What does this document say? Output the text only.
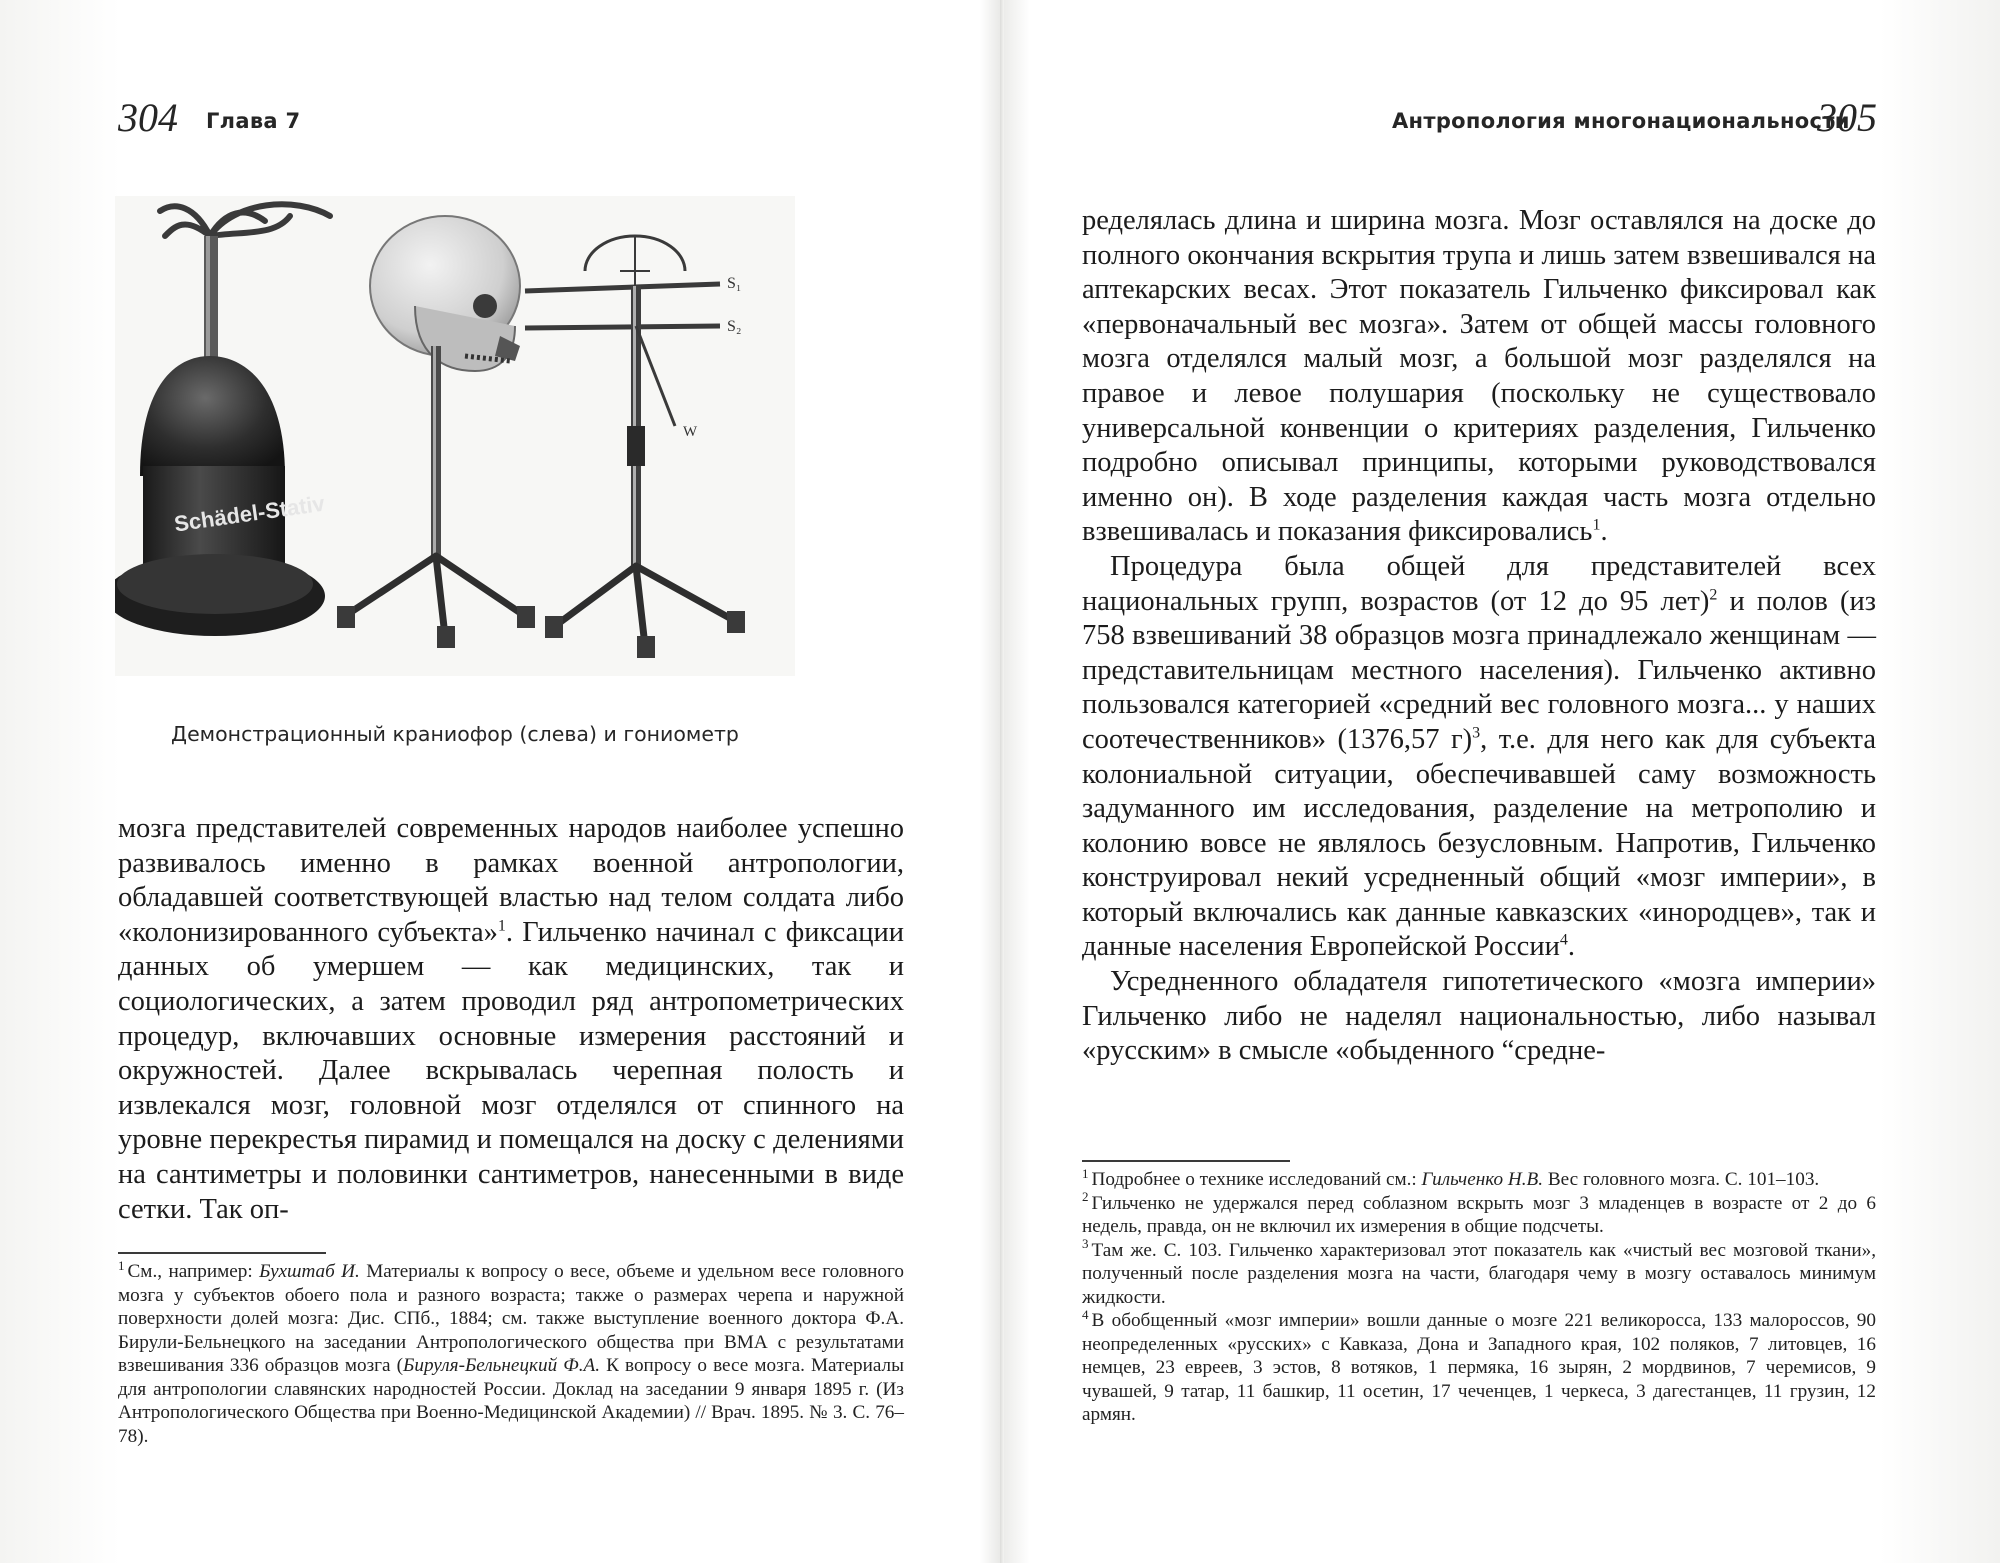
304 Глава 7
Schädel-Stativ
S₁
S₂
W
Демонстрационный краниофор (слева) и гониометр

мозга представителей современных народов наиболее успешно развивалось именно в рамках военной антропологии, обладавшей соответствующей властью над телом солдата либо «колонизированного субъекта»$^1$. Гильченко начинал с фиксации данных об умершем — как медицинских, так и социологических, а затем проводил ряд антропометрических процедур, включавших основные измерения расстояний и окружностей. Далее вскрывалась черепная полость и извлекался мозг, головной мозг отделялся от спинного на уровне перекрестья пирамид и помещался на доску с делениями на сантиметры и половинки сантиметров, нанесенными в виде сетки. Так оп-

$^1$ См., например: Бухштаб И. Материалы к вопросу о весе, объеме и удельном весе головного мозга у субъектов обоего пола и разного возраста; также о размерах черепа и наружной поверхности долей мозга: Дис. СПб., 1884; см. также выступление военного доктора Ф.А. Бирули-Бельнецкого на заседании Антропологического общества при ВМА с результатами взвешивания 336 образцов мозга (Бируля-Бельнецкий Ф.А. К вопросу о весе мозга. Материалы для антропологии славянских народностей России. Доклад на заседании 9 января 1895 г. (Из Антропологического Общества при Военно-Медицинской Академии) // Врач. 1895. № 3. С. 76–78).

Антропология многонациональности
305

ределялась длина и ширина мозга. Мозг оставлялся на доске до полного окончания вскрытия трупа и лишь затем взвешивался на аптекарских весах. Этот показатель Гильченко фиксировал как «первоначальный вес мозга». Затем от общей массы головного мозга отделялся малый мозг, а большой мозг разделялся на правое и левое полушария (поскольку не существовало универсальной конвенции о критериях разделения, Гильченко подробно описывал принципы, которыми руководствовался именно он). В ходе разделения каждая часть мозга отдельно взвешивалась и показания фиксировались$^1$.

Процедура была общей для представителей всех национальных групп, возрастов (от 12 до 95 лет)$^2$ и полов (из 758 взвешиваний 38 образцов мозга принадлежало женщинам — представительницам местного населения). Гильченко активно пользовался категорией «средний вес головного мозга... у наших соотечественников» (1376,57 г)$^3$, т.е. для него как для субъекта колониальной ситуации, обеспечивавшей саму возможность задуманного им исследования, разделение на метрополию и колонию вовсе не являлось безусловным. Напротив, Гильченко конструировал некий усредненный общий «мозг империи», в который включались как данные кавказских «инородцев», так и данные населения Европейской России$^4$.

Усредненного обладателя гипотетического «мозга империи» Гильченко либо не наделял национальностью, либо называл «русским» в смысле «обыденного “средне-

$^1$ Подробнее о технике исследований см.: Гильченко Н.В. Вес головного мозга. С. 101–103.

$^2$ Гильченко не удержался перед соблазном вскрыть мозг 3 младенцев в возрасте от 2 до 6 недель, правда, он не включил их измерения в общие подсчеты.

$^3$ Там же. С. 103. Гильченко характеризовал этот показатель как «чистый вес мозговой ткани», полученный после разделения мозга на части, благодаря чему в мозгу оставалось минимум жидкости.

$^4$ В обобщенный «мозг империи» вошли данные о мозге 221 великоросса, 133 малороссов, 90 неопределенных «русских» с Кавказа, Дона и Западного края, 102 поляков, 7 литовцев, 16 немцев, 23 евреев, 3 эстов, 8 вотяков, 1 пермяка, 16 зырян, 2 мордвинов, 7 черемисов, 9 чувашей, 9 татар, 11 башкир, 11 осетин, 17 чеченцев, 1 черкеса, 3 дагестанцев, 11 грузин, 12 армян.
